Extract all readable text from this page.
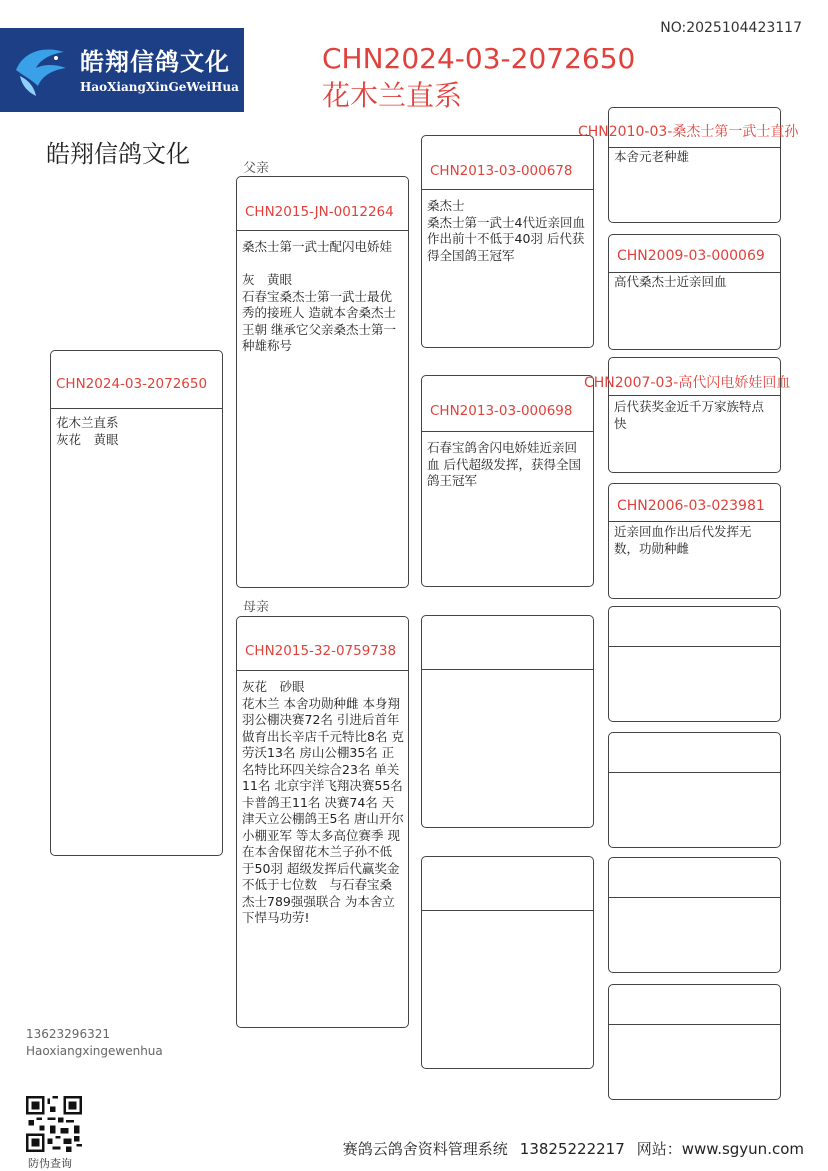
皓翔信鸽文化
HaoXiangXinGeWeiHua
NO:2025104423117
CHN2024-03-2072650
花木兰直系
皓翔信鸽文化
CHN2024-03-2072650
花木兰直系
灰花　黄眼
父亲
CHN2015-JN-0012264
桑杰士第一武士配闪电娇娃

灰　黄眼
石春宝桑杰士第一武士最优秀的接班人 造就本舍桑杰士王朝 继承它父亲桑杰士第一种雄称号
母亲
CHN2015-32-0759738
灰花　砂眼
花木兰 本舍功勋种雌 本身翔羽公棚决赛72名 引进后首年做育出长辛店千元特比8名 克劳沃13名 房山公棚35名 正名特比环四关综合23名 单关11名 北京宇洋飞翔决赛55名 卡普鸽王11名 决赛74名 天津天立公棚鸽王5名 唐山开尔小棚亚军 等太多高位赛季 现在本舍保留花木兰子孙不低于50羽 超级发挥后代赢奖金不低于七位数　与石春宝桑杰士789强强联合 为本舍立下悍马功劳!
CHN2013-03-000678
桑杰士
桑杰士第一武士4代近亲回血作出前十不低于40羽 后代获得全国鸽王冠军
CHN2013-03-000698
石春宝鸽舍闪电娇娃近亲回血 后代超级发挥，获得全国鸽王冠军
本舍元老种雄
CHN2010-03-桑杰士第一武士直孙
CHN2009-03-000069
高代桑杰士近亲回血
后代获奖金近千万家族特点快
CHN2007-03-高代闪电娇娃回血
CHN2006-03-023981
近亲回血作出后代发挥无数，功勋种雌
13623296321
Haoxiangxingewenhua
防伪查询
赛鸽云鸽舍资料管理系统 13825222217 网站：www.sgyun.com
